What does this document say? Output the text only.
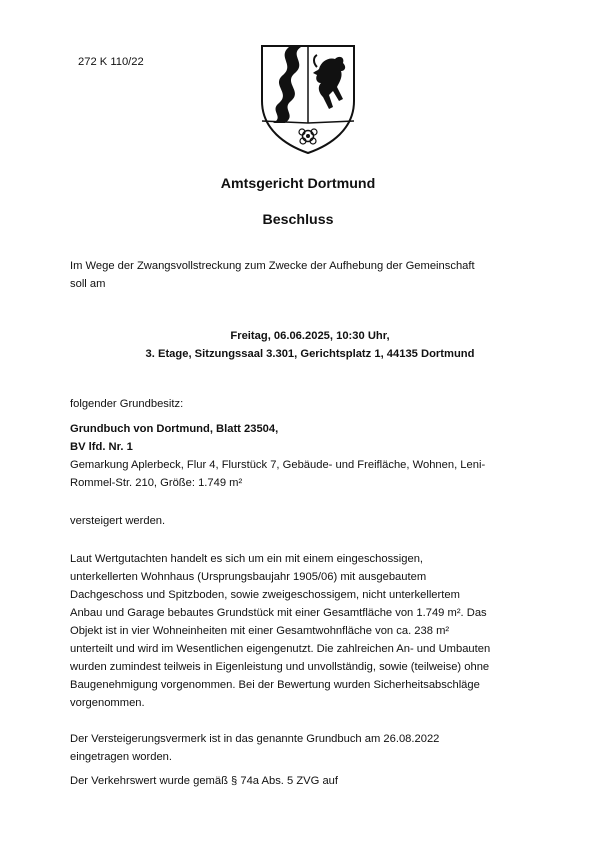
272 K 110/22
Amtsgericht Dortmund
Beschluss

Im Wege der Zwangsvollstreckung zum Zwecke der Aufhebung der Gemeinschaft

soll am

Freitag, 06.06.2025, 10:30 Uhr,

3. Etage, Sitzungssaal 3.301, Gerichtsplatz 1, 44135 Dortmund

folgender Grundbesitz:
Grundbuch von Dortmund, Blatt 23504,
BV lfd. Nr. 1
Gemarkung Aplerbeck, Flur 4, Flurstück 7, Gebäude- und Freifläche, Wohnen, Leni-
Rommel-Str. 210, Größe: 1.749 m²
versteigert werden.

Laut Wertgutachten handelt es sich um ein mit einem eingeschossigen,

unterkellerten Wohnhaus (Ursprungsbaujahr 1905/06) mit ausgebautem

Dachgeschoss und Spitzboden, sowie zweigeschossigem, nicht unterkellertem

Anbau und Garage bebautes Grundstück mit einer Gesamtfläche von 1.749 m². Das

Objekt ist in vier Wohneinheiten mit einer Gesamtwohnfläche von ca. 238 m²

unterteilt und wird im Wesentlichen eigengenutzt. Die zahlreichen An- und Umbauten

wurden zumindest teilweis in Eigenleistung und unvollständig, sowie (teilweise) ohne

Baugenehmigung vorgenommen. Bei der Bewertung wurden Sicherheitsabschläge

vorgenommen.

Der Versteigerungsvermerk ist in das genannte Grundbuch am 26.08.2022

eingetragen worden.

Der Verkehrswert wurde gemäß § 74a Abs. 5 ZVG auf
